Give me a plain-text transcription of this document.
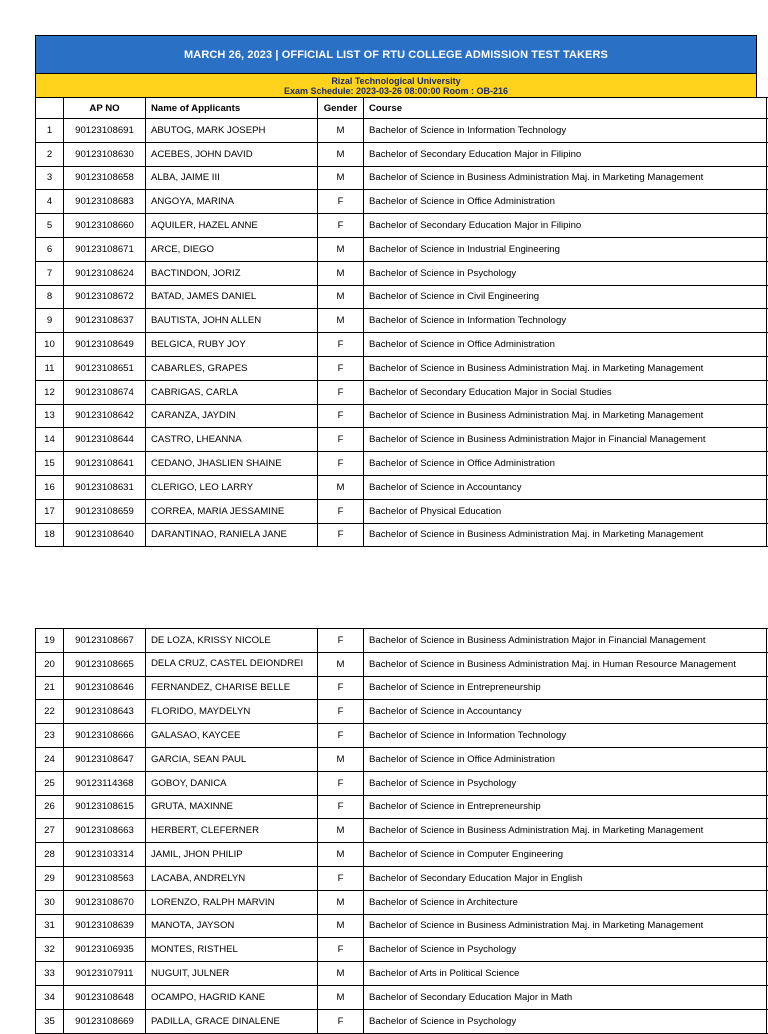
MARCH 26, 2023 | OFFICIAL LIST OF RTU COLLEGE ADMISSION TEST TAKERS
Rizal Technological University
Exam Schedule: 2023-03-26 08:00:00 Room : OB-216
	AP NO	Name of Applicants	Gender	Course	
1	90123108691	ABUTOG, MARK JOSEPH	M	Bachelor of Science in Information Technology	
2	90123108630	ACEBES, JOHN DAVID	M	Bachelor of Secondary Education Major in Filipino	
3	90123108658	ALBA, JAIME III	M	Bachelor of Science in Business Administration Maj. in Marketing Management	
4	90123108683	ANGOYA, MARINA	F	Bachelor of Science in Office Administration	
5	90123108660	AQUILER, HAZEL ANNE	F	Bachelor of Secondary Education Major in Filipino	
6	90123108671	ARCE, DIEGO	M	Bachelor of Science in Industrial Engineering	
7	90123108624	BACTINDON, JORIZ	M	Bachelor of Science in Psychology	
8	90123108672	BATAD, JAMES DANIEL	M	Bachelor of Science in Civil Engineering	
9	90123108637	BAUTISTA, JOHN ALLEN	M	Bachelor of Science in Information Technology	
10	90123108649	BELGICA, RUBY JOY	F	Bachelor of Science in Office Administration	
11	90123108651	CABARLES, GRAPES	F	Bachelor of Science in Business Administration Maj. in Marketing Management	
12	90123108674	CABRIGAS, CARLA	F	Bachelor of Secondary Education Major in Social Studies	
13	90123108642	CARANZA, JAYDIN	F	Bachelor of Science in Business Administration Maj. in Marketing Management	
14	90123108644	CASTRO, LHEANNA	F	Bachelor of Science in Business Administration Major in Financial Management	
15	90123108641	CEDANO, JHASLIEN SHAINE	F	Bachelor of Science in Office Administration	
16	90123108631	CLERIGO, LEO LARRY	M	Bachelor of Science in Accountancy	
17	90123108659	CORREA, MARIA JESSAMINE	F	Bachelor of Physical Education	
18	90123108640	DARANTINAO, RANIELA JANE	F	Bachelor of Science in Business Administration Maj. in Marketing Management	
19	90123108667	DE LOZA, KRISSY NICOLE	F	Bachelor of Science in Business Administration Major in Financial Management	
20	90123108665	DELA CRUZ, CASTEL DEIONDREI	M	Bachelor of Science in Business Administration Maj. in Human Resource Management	
21	90123108646	FERNANDEZ, CHARISE BELLE	F	Bachelor of Science in Entrepreneurship	
22	90123108643	FLORIDO, MAYDELYN	F	Bachelor of Science in Accountancy	
23	90123108666	GALASAO, KAYCEE	F	Bachelor of Science in Information Technology	
24	90123108647	GARCIA, SEAN PAUL	M	Bachelor of Science in Office Administration	
25	90123114368	GOBOY, DANICA	F	Bachelor of Science in Psychology	
26	90123108615	GRUTA, MAXINNE	F	Bachelor of Science in Entrepreneurship	
27	90123108663	HERBERT, CLEFERNER	M	Bachelor of Science in Business Administration Maj. in Marketing Management	
28	90123103314	JAMIL, JHON PHILIP	M	Bachelor of Science in Computer Engineering	
29	90123108563	LACABA, ANDRELYN	F	Bachelor of Secondary Education Major in English	
30	90123108670	LORENZO, RALPH MARVIN	M	Bachelor of Science in Architecture	
31	90123108639	MANOTA, JAYSON	M	Bachelor of Science in Business Administration Maj. in Marketing Management	
32	90123106935	MONTES, RISTHEL	F	Bachelor of Science in Psychology	
33	90123107911	NUGUIT, JULNER	M	Bachelor of Arts in Political Science	
34	90123108648	OCAMPO, HAGRID KANE	M	Bachelor of Secondary Education Major in Math	
35	90123108669	PADILLA, GRACE DINALENE	F	Bachelor of Science in Psychology	
